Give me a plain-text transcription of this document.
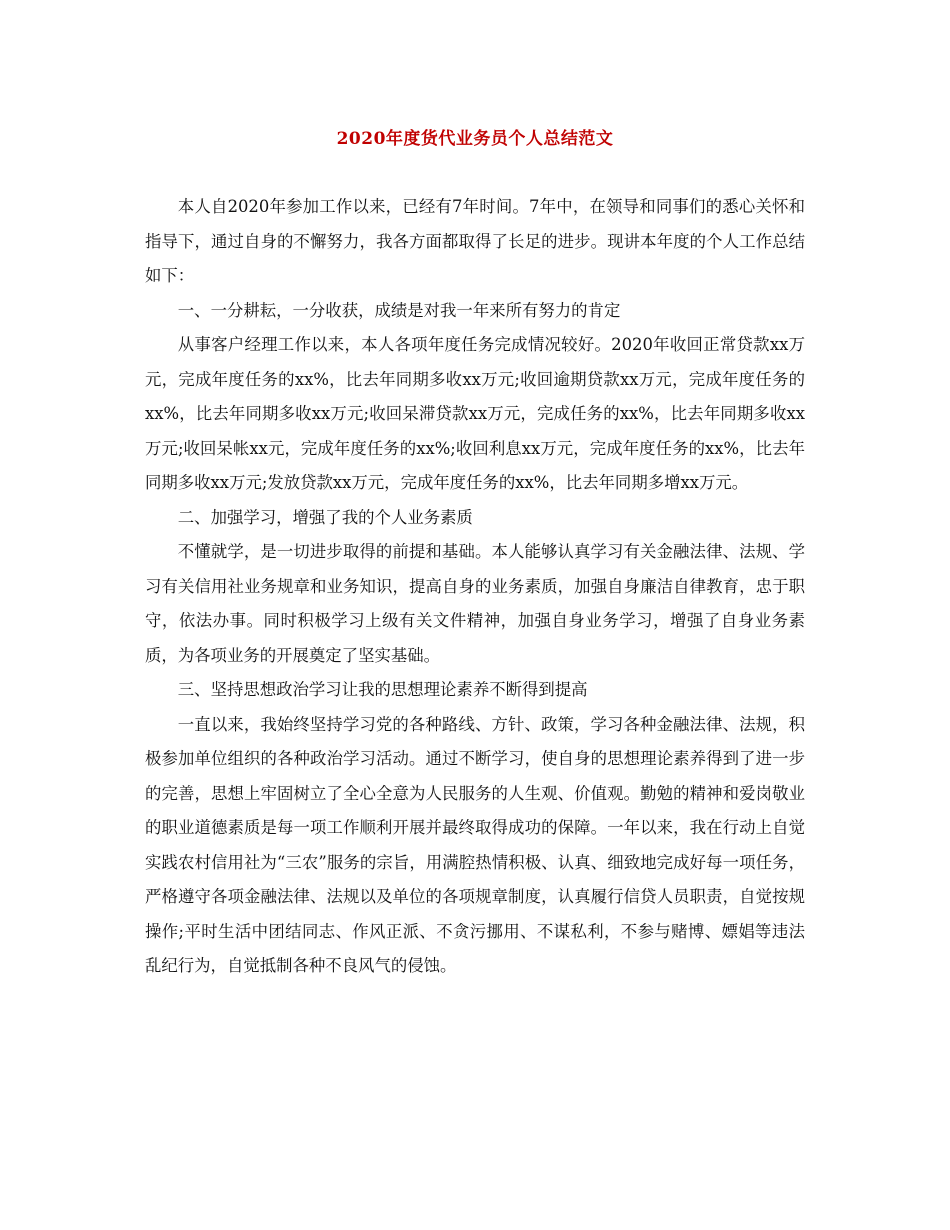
2020年度货代业务员个人总结范文

本人自2020年参加工作以来，已经有7年时间。7年中，在领导和同事们的悉心关怀和指导下，通过自身的不懈努力，我各方面都取得了长足的进步。现讲本年度的个人工作总结如下：

一、一分耕耘，一分收获，成绩是对我一年来所有努力的肯定

从事客户经理工作以来，本人各项年度任务完成情况较好。2020年收回正常贷款xx万元，完成年度任务的xx%，比去年同期多收xx万元;收回逾期贷款xx万元，完成年度任务的xx%，比去年同期多收xx万元;收回呆滞贷款xx万元，完成任务的xx%，比去年同期多收xx万元;收回呆帐xx元，完成年度任务的xx%;收回利息xx万元，完成年度任务的xx%，比去年同期多收xx万元;发放贷款xx万元，完成年度任务的xx%，比去年同期多增xx万元。

二、加强学习，增强了我的个人业务素质

不懂就学，是一切进步取得的前提和基础。本人能够认真学习有关金融法律、法规、学习有关信用社业务规章和业务知识，提高自身的业务素质，加强自身廉洁自律教育，忠于职守，依法办事。同时积极学习上级有关文件精神，加强自身业务学习，增强了自身业务素质，为各项业务的开展奠定了坚实基础。

三、坚持思想政治学习让我的思想理论素养不断得到提高

一直以来，我始终坚持学习党的各种路线、方针、政策，学习各种金融法律、法规，积极参加单位组织的各种政治学习活动。通过不断学习，使自身的思想理论素养得到了进一步的完善，思想上牢固树立了全心全意为人民服务的人生观、价值观。勤勉的精神和爱岗敬业的职业道德素质是每一项工作顺利开展并最终取得成功的保障。一年以来，我在行动上自觉实践农村信用社为“三农”服务的宗旨，用满腔热情积极、认真、细致地完成好每一项任务，严格遵守各项金融法律、法规以及单位的各项规章制度，认真履行信贷人员职责，自觉按规操作;平时生活中团结同志、作风正派、不贪污挪用、不谋私利，不参与赌博、嫖娼等违法乱纪行为，自觉抵制各种不良风气的侵蚀。
